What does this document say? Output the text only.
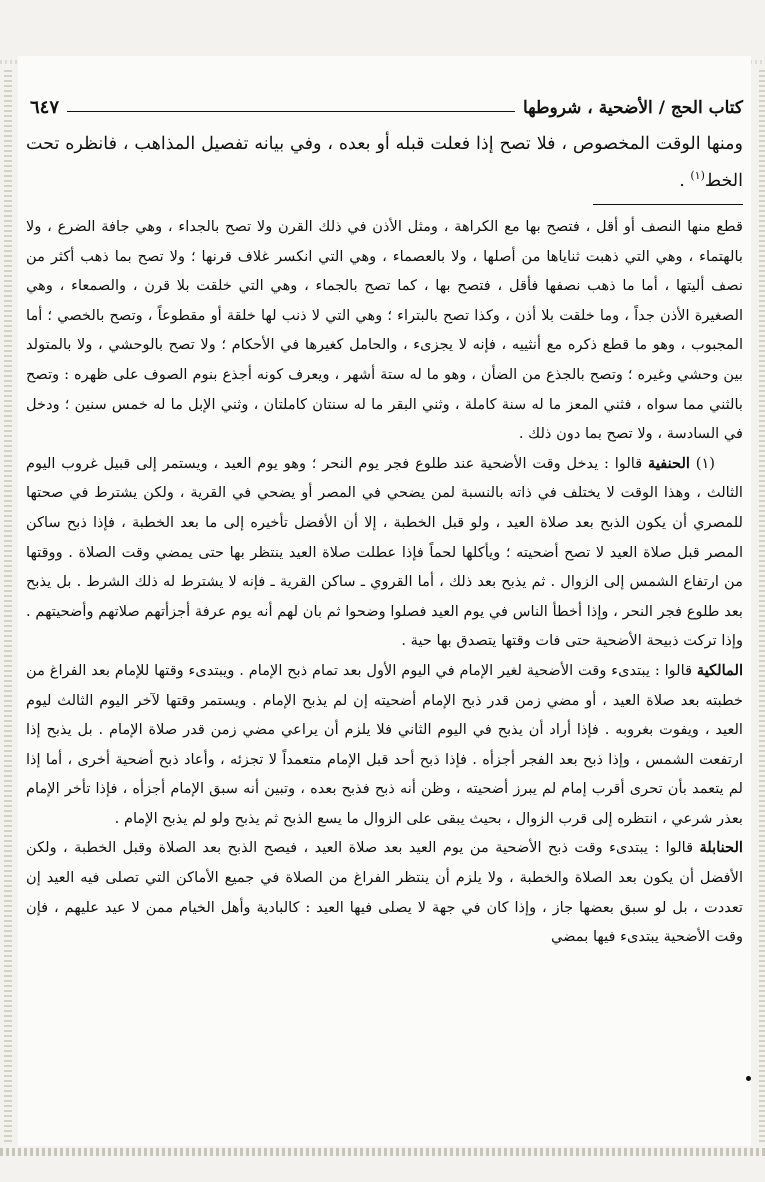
كتاب الحج / الأضحية ، شروطها
٦٤٧
ومنها الوقت المخصوص ، فلا تصح إذا فعلت قبله أو بعده ، وفي بيانه تفصيل المذاهب ، فانظره تحت الخط$^{(١)}$ .

قطع منها النصف أو أقل ، فتصح بها مع الكراهة ، ومثل الأذن في ذلك القرن ولا تصح بالجداء ، وهي جافة الضرع ، ولا بالهتماء ، وهي التي ذهبت ثناياها من أصلها ، ولا بالعصماء ، وهي التي انكسر غلاف قرنها ؛ ولا تصح بما ذهب أكثر من نصف أليتها ، أما ما ذهب نصفها فأقل ، فتصح بها ، كما تصح بالجماء ، وهي التي خلقت بلا قرن ، والصمعاء ، وهي الصغيرة الأذن جداً ، وما خلقت بلا أذن ، وكذا تصح بالبتراء ؛ وهي التي لا ذنب لها خلقة أو مقطوعاً ، وتصح بالخصي ؛ أما المجبوب ، وهو ما قطع ذكره مع أنثييه ، فإنه لا يجزىء ، والحامل كغيرها في الأحكام ؛ ولا تصح بالوحشي ، ولا بالمتولد بين وحشي وغيره ؛ وتصح بالجذع من الضأن ، وهو ما له ستة أشهر ، ويعرف كونه أجذع بنوم الصوف على ظهره : وتصح بالثني مما سواه ، فثني المعز ما له سنة كاملة ، وثني البقر ما له سنتان كاملتان ، وثني الإبل ما له خمس سنين ؛ ودخل في السادسة ، ولا تصح بما دون ذلك .

(١) الحنفية قالوا : يدخل وقت الأضحية عند طلوع فجر يوم النحر ؛ وهو يوم العيد ، ويستمر إلى قبيل غروب اليوم الثالث ، وهذا الوقت لا يختلف في ذاته بالنسبة لمن يضحي في المصر أو يضحي في القرية ، ولكن يشترط في صحتها للمصري أن يكون الذبح بعد صلاة العيد ، ولو قبل الخطبة ، إلا أن الأفضل تأخيره إلى ما بعد الخطبة ، فإذا ذبح ساكن المصر قبل صلاة العيد لا تصح أضحيته ؛ ويأكلها لحماً فإذا عطلت صلاة العيد ينتظر بها حتى يمضي وقت الصلاة . ووقتها من ارتفاع الشمس إلى الزوال . ثم يذبح بعد ذلك ، أما القروي ـ ساكن القرية ـ فإنه لا يشترط له ذلك الشرط . بل يذبح بعد طلوع فجر النحر ، وإذا أخطأ الناس في يوم العيد فصلوا وضحوا ثم بان لهم أنه يوم عرفة أجزأتهم صلاتهم وأضحيتهم . وإذا تركت ذبيحة الأضحية حتى فات وقتها يتصدق بها حية .

المالكية قالوا : يبتدىء وقت الأضحية لغير الإمام في اليوم الأول بعد تمام ذبح الإمام . ويبتدىء وقتها للإمام بعد الفراغ من خطبته بعد صلاة العيد ، أو مضي زمن قدر ذبح الإمام أضحيته إن لم يذبح الإمام . ويستمر وقتها لآخر اليوم الثالث ليوم العيد ، ويفوت بغروبه . فإذا أراد أن يذبح في اليوم الثاني فلا يلزم أن يراعي مضي زمن قدر صلاة الإمام . بل يذبح إذا ارتفعت الشمس ، وإذا ذبح بعد الفجر أجزأه . فإذا ذبح أحد قبل الإمام متعمداً لا تجزئه ، وأعاد ذبح أضحية أخرى ، أما إذا لم يتعمد بأن تحرى أقرب إمام لم يبرز أضحيته ، وظن أنه ذبح فذبح بعده ، وتبين أنه سبق الإمام أجزأه ، فإذا تأخر الإمام بعذر شرعي ، انتظره إلى قرب الزوال ، بحيث يبقى على الزوال ما يسع الذبح ثم يذبح ولو لم يذبح الإمام .

الحنابلة قالوا : يبتدىء وقت ذبح الأضحية من يوم العيد بعد صلاة العيد ، فيصح الذبح بعد الصلاة وقبل الخطبة ، ولكن الأفضل أن يكون بعد الصلاة والخطبة ، ولا يلزم أن ينتظر الفراغ من الصلاة في جميع الأماكن التي تصلى فيه العيد إن تعددت ، بل لو سبق بعضها جاز ، وإذا كان في جهة لا يصلى فيها العيد : كالبادية وأهل الخيام ممن لا عيد عليهم ، فإن وقت الأضحية يبتدىء فيها بمضي
